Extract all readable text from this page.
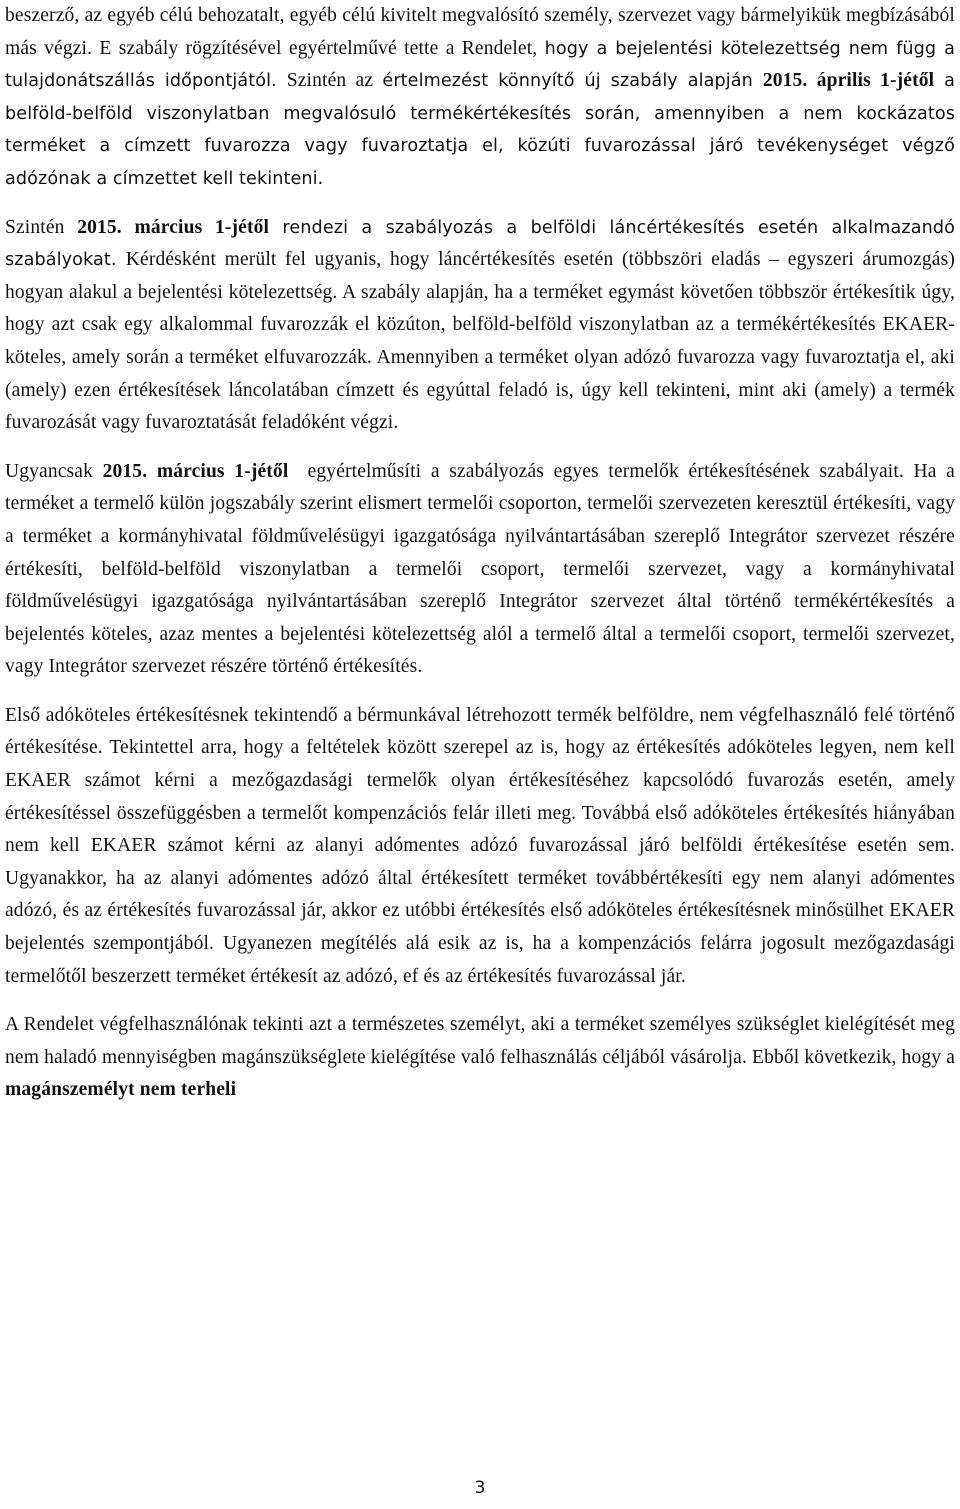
beszerző, az egyéb célú behozatalt, egyéb célú kivitelt megvalósító személy, szervezet vagy bármelyikük megbízásából más végzi. E szabály rögzítésével egyértelművé tette a Rendelet, hogy a bejelentési kötelezettség nem függ a tulajdonátszállás időpontjától. Szintén az értelmezést könnyítő új szabály alapján 2015. április 1-jétől a belföld-belföld viszonylatban megvalósuló termékértékesítés során, amennyiben a nem kockázatos terméket a címzett fuvarozza vagy fuvaroztatja el, közúti fuvarozással járó tevékenységet végző adózónak a címzettet kell tekinteni.

Szintén 2015. március 1-jétől rendezi a szabályozás a belföldi láncértékesítés esetén alkalmazandó szabályokat. Kérdésként merült fel ugyanis, hogy láncértékesítés esetén (többszöri eladás – egyszeri árumozgás) hogyan alakul a bejelentési kötelezettség. A szabály alapján, ha a terméket egymást követően többször értékesítik úgy, hogy azt csak egy alkalommal fuvarozzák el közúton, belföld-belföld viszonylatban az a termékértékesítés EKAER-köteles, amely során a terméket elfuvarozzák. Amennyiben a terméket olyan adózó fuvarozza vagy fuvaroztatja el, aki (amely) ezen értékesítések láncolatában címzett és egyúttal feladó is, úgy kell tekinteni, mint aki (amely) a termék fuvarozását vagy fuvaroztatását feladóként végzi.

Ugyancsak 2015. március 1-jétől  egyértelműsíti a szabályozás egyes termelők értékesítésének szabályait. Ha a terméket a termelő külön jogszabály szerint elismert termelői csoporton, termelői szervezeten keresztül értékesíti, vagy a terméket a kormányhivatal földművelésügyi igazgatósága nyilvántartásában szereplő Integrátor szervezet részére értékesíti, belföld-belföld viszonylatban a termelői csoport, termelői szervezet, vagy a kormányhivatal földművelésügyi igazgatósága nyilvántartásában szereplő Integrátor szervezet által történő termékértékesítés a bejelentés köteles, azaz mentes a bejelentési kötelezettség alól a termelő által a termelői csoport, termelői szervezet, vagy Integrátor szervezet részére történő értékesítés.

Első adóköteles értékesítésnek tekintendő a bérmunkával létrehozott termék belföldre, nem végfelhasználó felé történő értékesítése. Tekintettel arra, hogy a feltételek között szerepel az is, hogy az értékesítés adóköteles legyen, nem kell EKAER számot kérni a mezőgazdasági termelők olyan értékesítéséhez kapcsolódó fuvarozás esetén, amely értékesítéssel összefüggésben a termelőt kompenzációs felár illeti meg. Továbbá első adóköteles értékesítés hiányában nem kell EKAER számot kérni az alanyi adómentes adózó fuvarozással járó belföldi értékesítése esetén sem. Ugyanakkor, ha az alanyi adómentes adózó által értékesített terméket továbbértékesíti egy nem alanyi adómentes adózó, és az értékesítés fuvarozással jár, akkor ez utóbbi értékesítés első adóköteles értékesítésnek minősülhet EKAER bejelentés szempontjából. Ugyanezen megítélés alá esik az is, ha a kompenzációs felárra jogosult mezőgazdasági termelőtől beszerzett terméket értékesít az adózó, ef és az értékesítés fuvarozással jár.

A Rendelet végfelhasználónak tekinti azt a természetes személyt, aki a terméket személyes szükséglet kielégítését meg nem haladó mennyiségben magánszükséglete kielégítése való felhasználás céljából vásárolja. Ebből következik, hogy a magánszemélyt nem terheli

3
